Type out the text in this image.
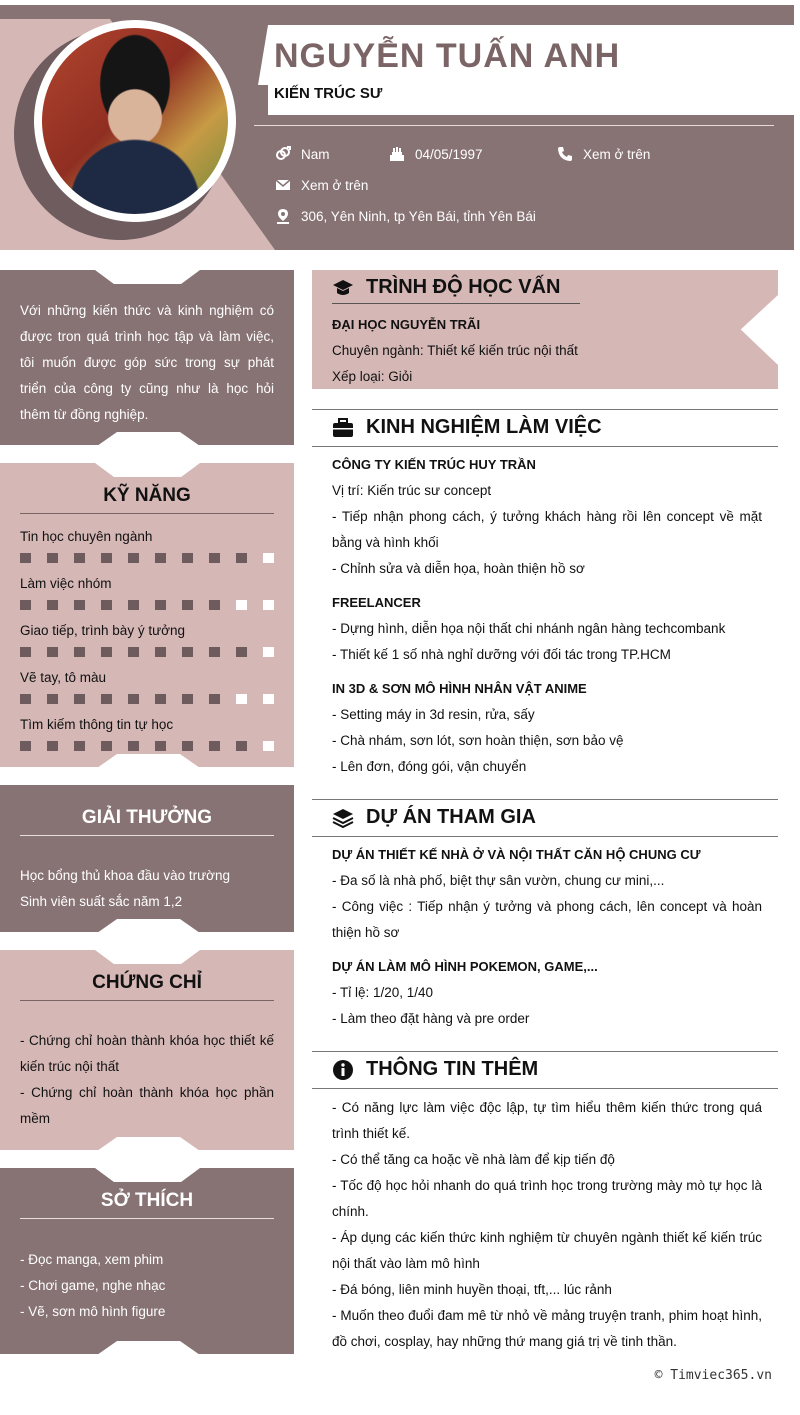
NGUYỄN TUẤN ANH
KIẾN TRÚC SƯ
Nam	04/05/1997	Xem ở trên
Xem ở trên
306, Yên Ninh, tp Yên Bái, tỉnh Yên Bái
Với những kiến thức và kinh nghiệm có được tron quá trình học tập và làm việc, tôi muốn được góp sức trong sự phát triển của công ty cũng như là học hỏi thêm từ đồng nghiệp.
KỸ NĂNG
Tin học chuyên ngành
Làm việc nhóm
Giao tiếp, trình bày ý tưởng
Vẽ tay, tô màu
Tìm kiếm thông tin tự học
GIẢI THƯỞNG
Học bổng thủ khoa đầu vào trường
Sinh viên suất sắc năm 1,2
CHỨNG CHỈ
- Chứng chỉ hoàn thành khóa học thiết kế kiến trúc nội thất
- Chứng chỉ hoàn thành khóa học phần mềm
SỞ THÍCH
- Đọc manga, xem phim
- Chơi game, nghe nhạc
- Vẽ, sơn mô hình figure
TRÌNH ĐỘ HỌC VẤN
ĐẠI HỌC NGUYỄN TRÃI
Chuyên ngành: Thiết kế kiến trúc nội thất
Xếp loại: Giỏi
KINH NGHIỆM LÀM VIỆC
CÔNG TY KIẾN TRÚC HUY TRẦN
Vị trí: Kiến trúc sư concept
- Tiếp nhận phong cách, ý tưởng khách hàng rồi lên concept về mặt bằng và hình khối
- Chỉnh sửa và diễn họa, hoàn thiện hồ sơ
FREELANCER
- Dựng hình, diễn họa nội thất chi nhánh ngân hàng techcombank
- Thiết kế 1 số nhà nghỉ dưỡng với đối tác trong TP.HCM
IN 3D & SƠN MÔ HÌNH NHÂN VẬT ANIME
- Setting máy in 3d resin, rửa, sấy
- Chà nhám, sơn lót, sơn hoàn thiện, sơn bảo vệ
- Lên đơn, đóng gói, vận chuyển
DỰ ÁN THAM GIA
DỰ ÁN THIẾT KẾ NHÀ Ở VÀ NỘI THẤT CĂN HỘ CHUNG CƯ
- Đa số là nhà phố, biệt thự sân vườn, chung cư mini,...
- Công việc : Tiếp nhận ý tưởng và phong cách, lên concept và hoàn thiện hồ sơ
DỰ ÁN LÀM MÔ HÌNH POKEMON, GAME,...
- Tỉ lệ: 1/20, 1/40
- Làm theo đặt hàng và pre order
THÔNG TIN THÊM
- Có năng lực làm việc độc lập, tự tìm hiểu thêm kiến thức trong quá trình thiết kế.
- Có thể tăng ca hoặc về nhà làm để kịp tiến độ
- Tốc độ học hỏi nhanh do quá trình học trong trường mày mò tự học là chính.
- Áp dụng các kiến thức kinh nghiệm từ chuyên ngành thiết kế kiến trúc nội thất vào làm mô hình
- Đá bóng, liên minh huyền thoại, tft,... lúc rảnh
- Muốn theo đuổi đam mê từ nhỏ về mảng truyện tranh, phim hoạt hình, đồ chơi, cosplay, hay những thứ mang giá trị về tinh thần.
© Timviec365.vn
